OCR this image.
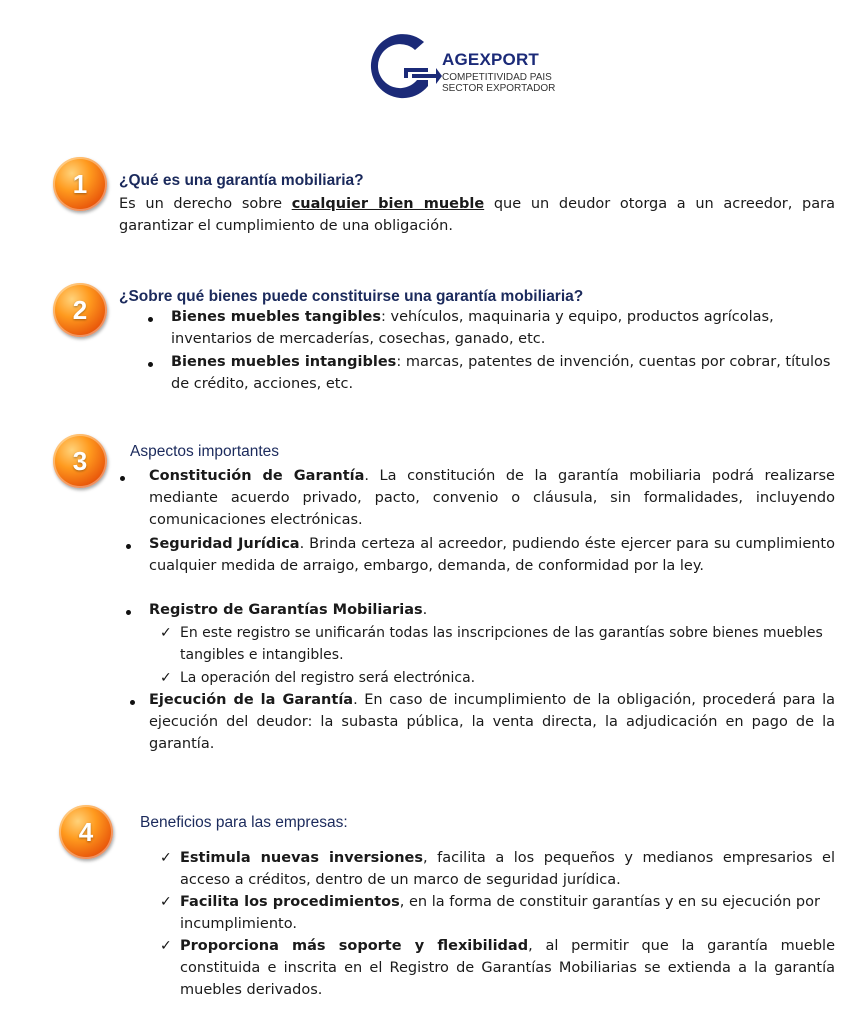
AGEXPORT
COMPETITIVIDAD PAIS
SECTOR EXPORTADOR
1	¿Qué es una garantía mobiliaria?
Es un derecho sobre cualquier bien mueble que un deudor otorga a un acreedor, para garantizar el cumplimiento de una obligación.
2	¿Sobre qué bienes puede constituirse una garantía mobiliaria?
Bienes muebles tangibles: vehículos, maquinaria y equipo, productos agrícolas, inventarios de mercaderías, cosechas, ganado, etc.
Bienes muebles intangibles: marcas, patentes de invención, cuentas por cobrar, títulos de crédito, acciones, etc.
3	Aspectos importantes
Constitución de Garantía. La constitución de la garantía mobiliaria podrá realizarse mediante acuerdo privado, pacto, convenio o cláusula, sin formalidades, incluyendo comunicaciones electrónicas.
Seguridad Jurídica. Brinda certeza al acreedor, pudiendo éste ejercer para su cumplimiento cualquier medida de arraigo, embargo, demanda, de conformidad por la ley.
Registro de Garantías Mobiliarias.
✓ En este registro se unificarán todas las inscripciones de las garantías sobre bienes muebles tangibles e intangibles.
✓ La operación del registro será electrónica.
Ejecución de la Garantía. En caso de incumplimiento de la obligación, procederá para la ejecución del deudor: la subasta pública, la venta directa, la adjudicación en pago de la garantía.
4	Beneficios para las empresas:
✓ Estimula nuevas inversiones, facilita a los pequeños y medianos empresarios el acceso a créditos, dentro de un marco de seguridad jurídica.
✓ Facilita los procedimientos, en la forma de constituir garantías y en su ejecución por incumplimiento.
✓ Proporciona más soporte y flexibilidad, al permitir que la garantía mueble constituida e inscrita en el Registro de Garantías Mobiliarias se extienda a la garantía muebles derivados.
